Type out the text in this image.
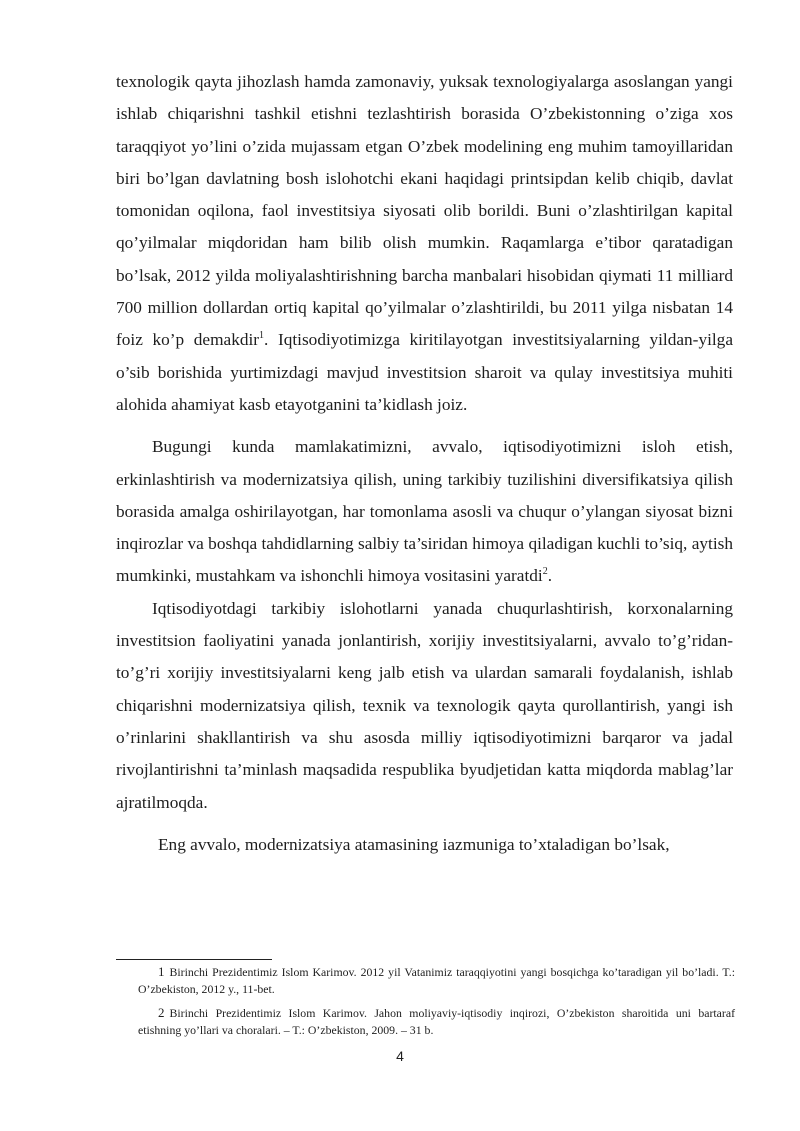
texnologik qayta jihozlash hamda zamonaviy, yuksak texnologiyalarga asoslangan yangi ishlab chiqarishni tashkil etishni tezlashtirish borasida O’zbekistonning o’ziga xos taraqqiyot yo’lini o’zida mujassam etgan O’zbek modelining eng muhim tamoyillaridan biri bo’lgan davlatning bosh islohotchi ekani haqidagi printsipdan kelib chiqib, davlat tomonidan oqilona, faol investitsiya siyosati olib borildi. Buni o’zlashtirilgan kapital qo’yilmalar miqdoridan ham bilib olish mumkin. Raqamlarga e’tibor qaratadigan bo’lsak, 2012 yilda moliyalashtirishning barcha manbalari hisobidan qiymati 11 milliard 700 million dollardan ortiq kapital qo’yilmalar o’zlashtirildi, bu 2011 yilga nisbatan 14 foiz ko’p demakdir$^1$. Iqtisodiyotimizga kiritilayotgan investitsiyalarning yildan-yilga o’sib borishida yurtimizdagi mavjud investitsion sharoit va qulay investitsiya muhiti alohida ahamiyat kasb etayotganini ta’kidlash joiz.

Bugungi kunda mamlakatimizni, avvalo, iqtisodiyotimizni isloh etish, erkinlashtirish va modernizatsiya qilish, uning tarkibiy tuzilishini diversifikatsiya qilish borasida amalga oshirilayotgan, har tomonlama asosli va chuqur o’ylangan siyosat bizni inqirozlar va boshqa tahdidlarning salbiy ta’siridan himoya qiladigan kuchli to’siq, aytish mumkinki, mustahkam va ishonchli himoya vositasini yaratdi$^2$.

Iqtisodiyotdagi tarkibiy islohotlarni yanada chuqurlashtirish, korxonalarning investitsion faoliyatini yanada jonlantirish, xorijiy investitsiyalarni, avvalo to’g’ridan-to’g’ri xorijiy investitsiyalarni keng jalb etish va ulardan samarali foydalanish, ishlab chiqarishni modernizatsiya qilish, texnik va texnologik qayta qurollantirish, yangi ish o’rinlarini shakllantirish va shu asosda milliy iqtisodiyotimizni barqaror va jadal rivojlantirishni ta’minlash maqsadida respublika byudjetidan katta miqdorda mablag’lar ajratilmoqda.

Eng avvalo, modernizatsiya atamasining iazmuniga to’xtaladigan bo’lsak,

1 Birinchi Prezidentimiz Islom Karimov. 2012 yil Vatanimiz taraqqiyotini yangi bosqichga ko’taradigan yil bo’ladi. T.: O’zbekiston, 2012 y., 11-bet.

2 Birinchi Prezidentimiz Islom Karimov. Jahon moliyaviy-iqtisodiy inqirozi, O’zbekiston sharoitida uni bartaraf etishning yo’llari va choralari. – T.: O’zbekiston, 2009. – 31 b.

4
